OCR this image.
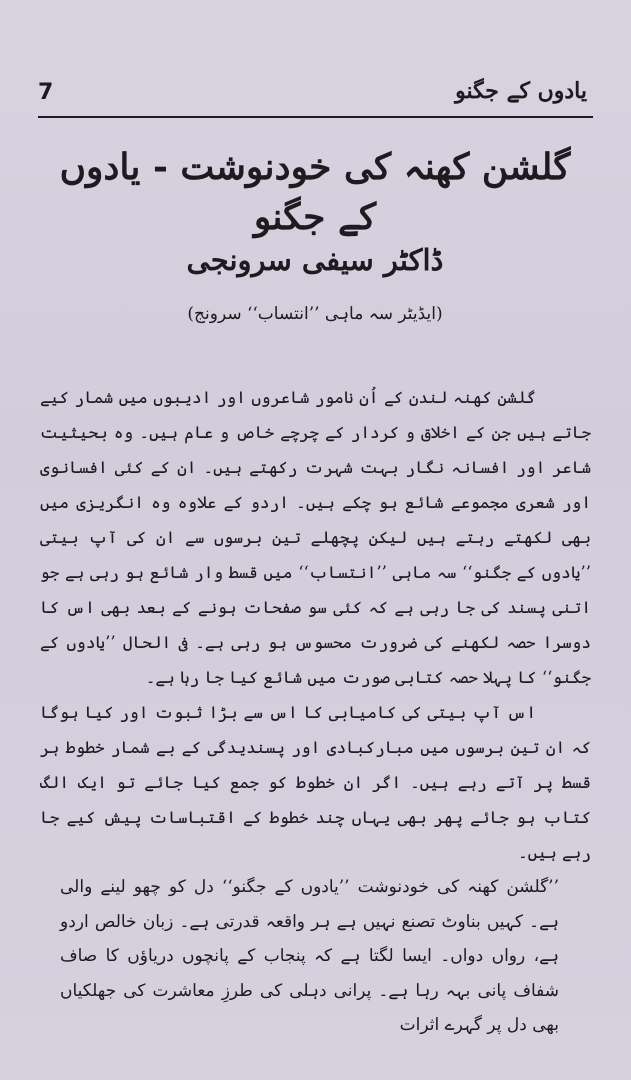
7	یادوں کے جگنو
گلشن کھنہ کی خودنوشت - یادوں کے جگنو
ڈاکٹر سیفی سرونجی
(ایڈیٹر سہ ماہی ’’انتساب‘‘ سرونج)

گلشن کھنہ لندن کے اُن نامور شاعروں اور ادیبوں میں شمار کیے جاتے ہیں جن کے اخلاق و کردار کے چرچے خاص و عام ہیں۔ وہ بحیثیت شاعر اور افسانہ نگار بہت شہرت رکھتے ہیں۔ ان کے کئی افسانوی اور شعری مجموعے شائع ہو چکے ہیں۔ اردو کے علاوہ وہ انگریزی میں بھی لکھتے رہتے ہیں لیکن پچھلے تین برسوں سے ان کی آپ بیتی ’’یادوں کے جگنو‘‘ سہ ماہی ’’انتساب‘‘ میں قسط وار شائع ہو رہی ہے جو اتنی پسند کی جا رہی ہے کہ کئی سو صفحات ہونے کے بعد بھی اس کا دوسرا حصہ لکھنے کی ضرورت محسوس ہو رہی ہے۔ فی الحال ’’یادوں کے جگنو‘‘ کا پہلا حصہ کتابی صورت میں شائع کیا جا رہا ہے۔

اس آپ بیتی کی کامیابی کا اس سے بڑا ثبوت اور کیا ہوگا کہ ان تین برسوں میں مبارکبادی اور پسندیدگی کے بے شمار خطوط ہر قسط پر آتے رہے ہیں۔ اگر ان خطوط کو جمع کیا جائے تو ایک الگ کتاب ہو جائے پھر بھی یہاں چند خطوط کے اقتباسات پیش کیے جا رہے ہیں۔

’’گلشن کھنہ کی خودنوشت ’’یادوں کے جگنو‘‘ دل کو چھو لینے والی ہے۔ کہیں بناوٹ تصنع نہیں ہے ہر واقعہ قدرتی ہے۔ زبان خالص اردو ہے، رواں دواں۔ ایسا لگتا ہے کہ پنجاب کے پانچوں دریاؤں کا صاف شفاف پانی بہہ رہا ہے۔ پرانی دہلی کی طرزِ معاشرت کی جھلکیاں بھی دل پر گہرے اثرات
